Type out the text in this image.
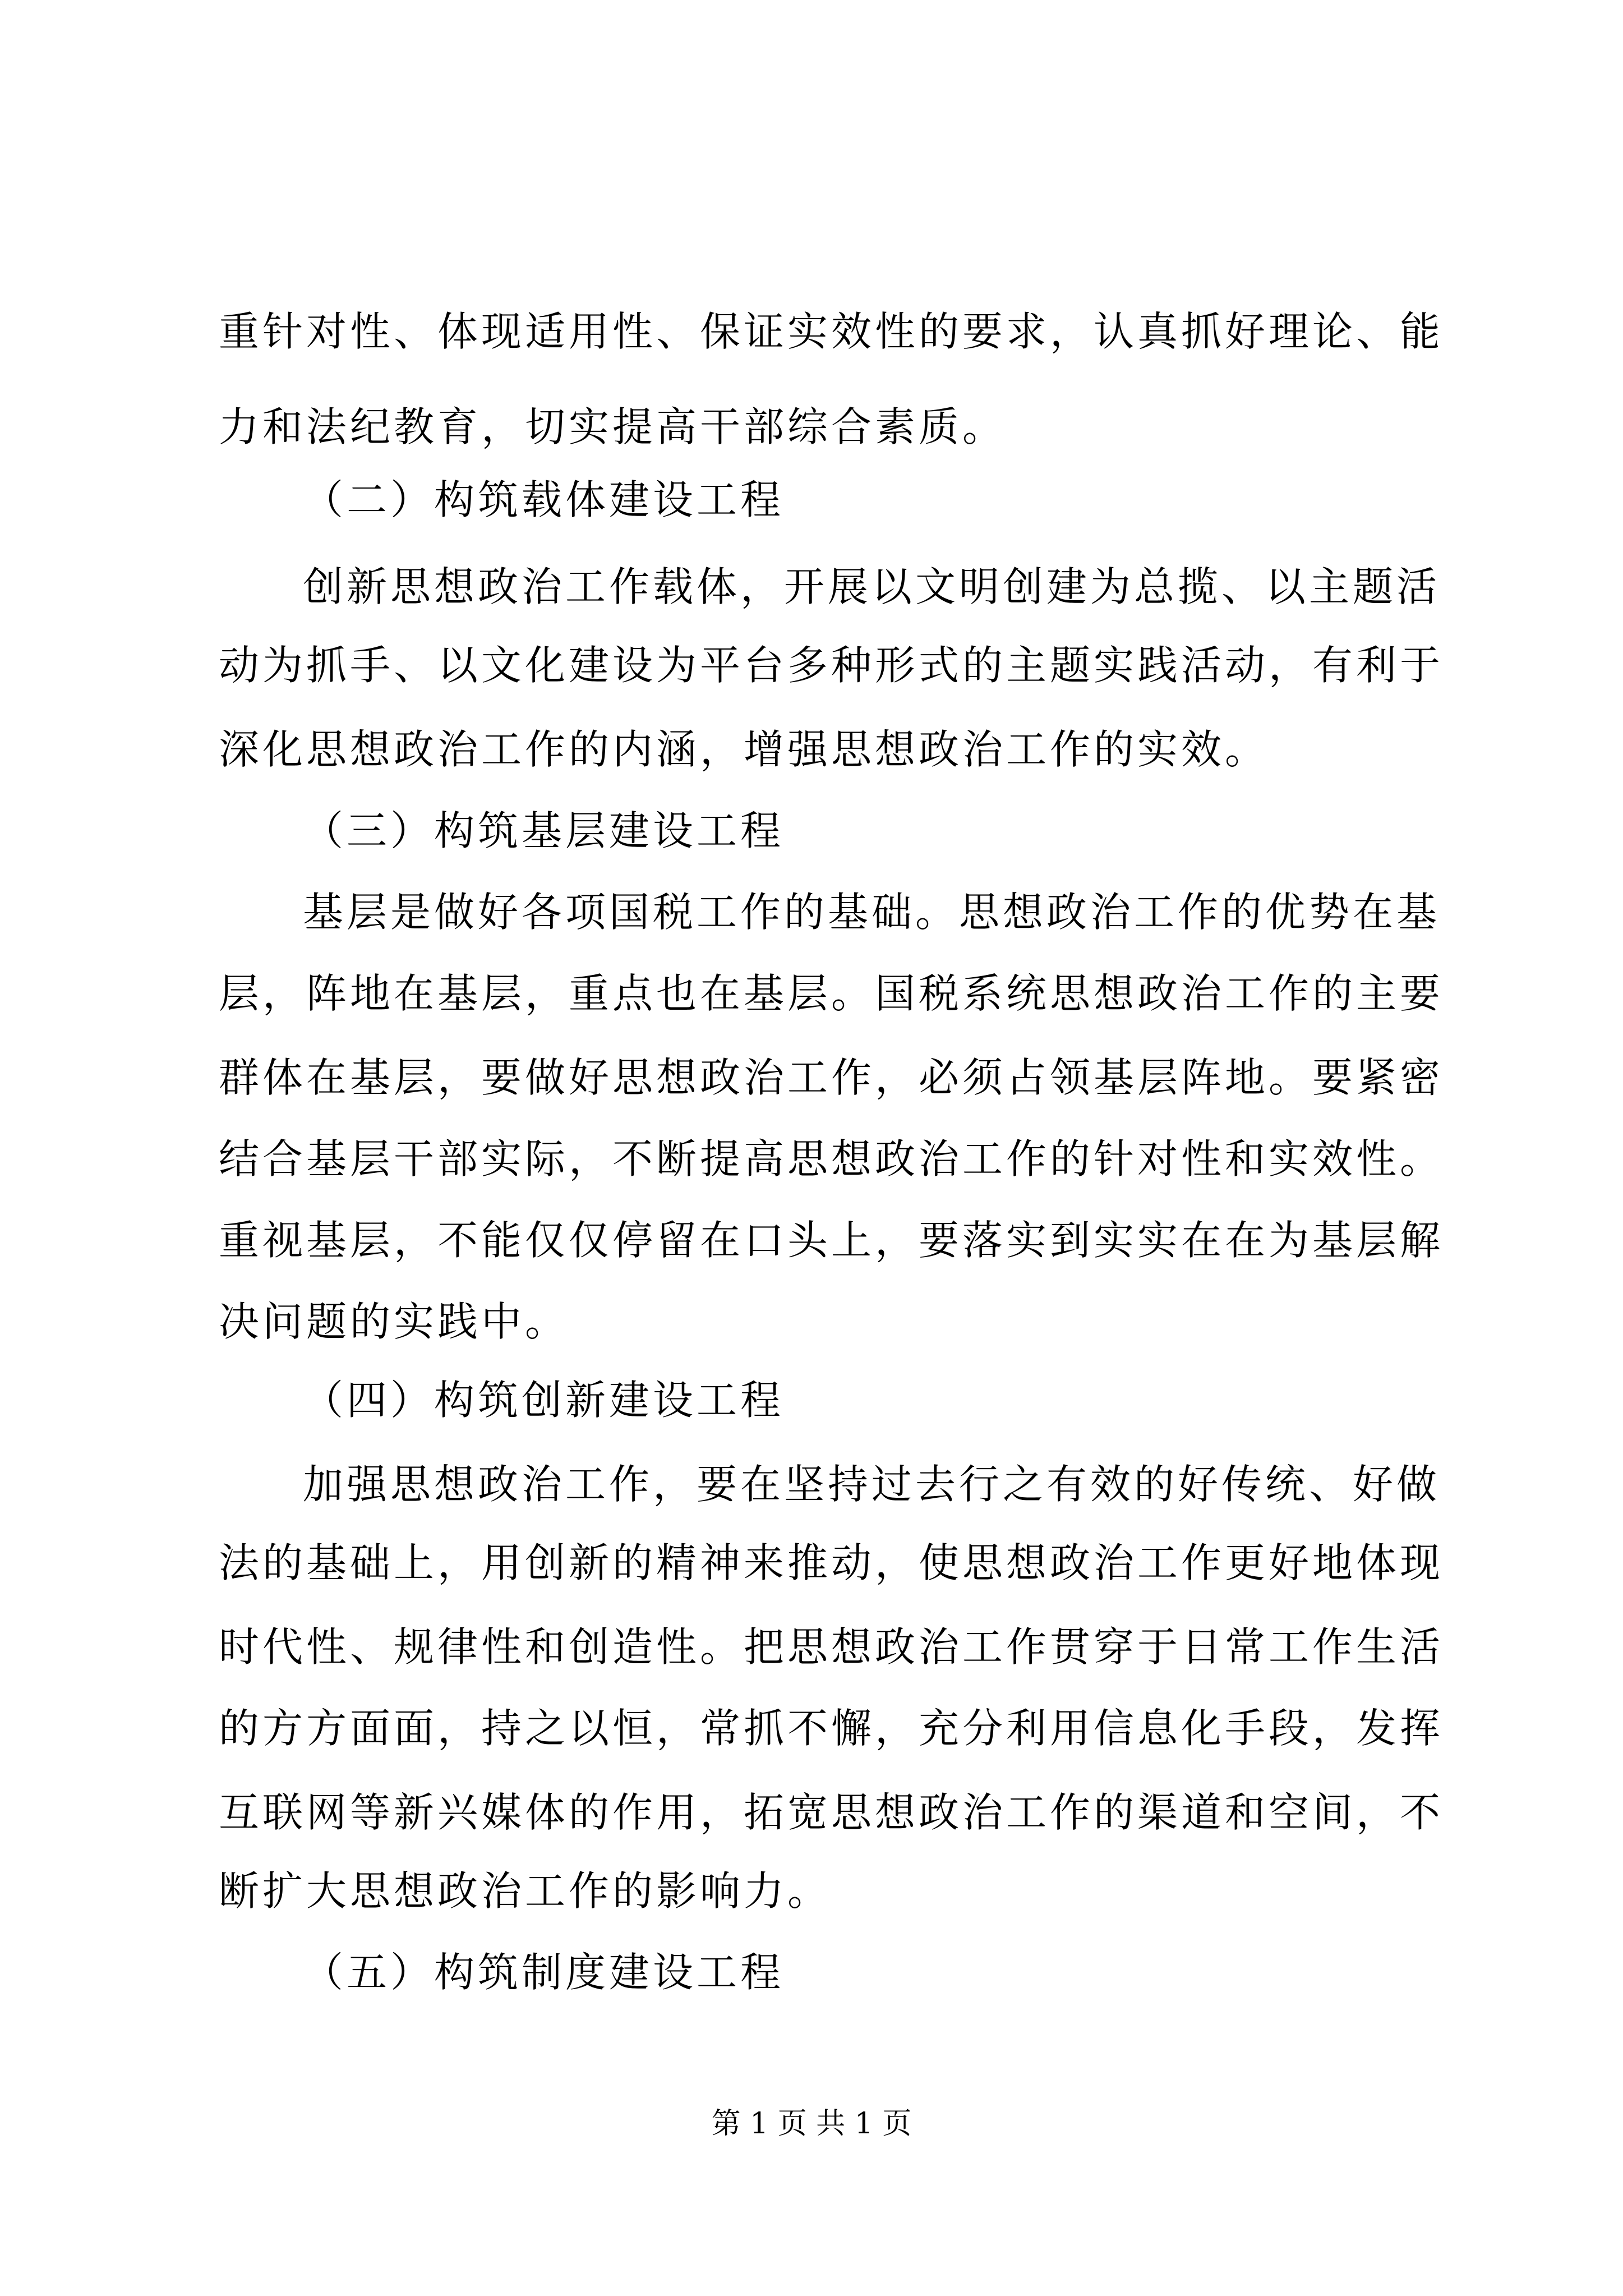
重针对性、体现适用性、保证实效性的要求，认真抓好理论、能

力和法纪教育，切实提高干部综合素质。

（二）构筑载体建设工程

创新思想政治工作载体，开展以文明创建为总揽、以主题活

动为抓手、以文化建设为平台多种形式的主题实践活动，有利于

深化思想政治工作的内涵，增强思想政治工作的实效。

（三）构筑基层建设工程

基层是做好各项国税工作的基础。思想政治工作的优势在基

层，阵地在基层，重点也在基层。国税系统思想政治工作的主要

群体在基层，要做好思想政治工作，必须占领基层阵地。要紧密

结合基层干部实际，不断提高思想政治工作的针对性和实效性。

重视基层，不能仅仅停留在口头上，要落实到实实在在为基层解

决问题的实践中。

（四）构筑创新建设工程

加强思想政治工作，要在坚持过去行之有效的好传统、好做

法的基础上，用创新的精神来推动，使思想政治工作更好地体现

时代性、规律性和创造性。把思想政治工作贯穿于日常工作生活

的方方面面，持之以恒，常抓不懈，充分利用信息化手段，发挥

互联网等新兴媒体的作用，拓宽思想政治工作的渠道和空间，不

断扩大思想政治工作的影响力。

（五）构筑制度建设工程

第 1 页 共 1 页
